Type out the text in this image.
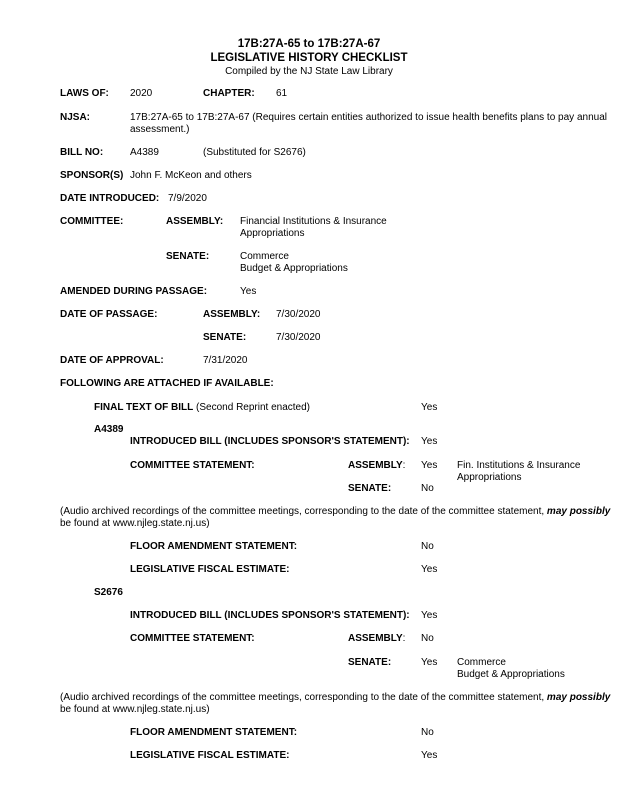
17B:27A-65 to 17B:27A-67
LEGISLATIVE HISTORY CHECKLIST
Compiled by the NJ State Law Library
LAWS OF: 2020	CHAPTER: 61
NJSA:	17B:27A-65 to 17B:27A-67 (Requires certain entities authorized to issue health benefits plans to pay annual
assessment.)
BILL NO:	A4389	(Substituted for S2676)
SPONSOR(S) John F. McKeon and others
DATE INTRODUCED: 7/9/2020
COMMITTEE:	ASSEMBLY: Financial Institutions & Insurance
Appropriations
SENATE:	Commerce
Budget & Appropriations
AMENDED DURING PASSAGE:	Yes
DATE OF PASSAGE:	ASSEMBLY: 7/30/2020
SENATE:	7/30/2020
DATE OF APPROVAL:	7/31/2020
FOLLOWING ARE ATTACHED IF AVAILABLE:
FINAL TEXT OF BILL (Second Reprint enacted)	Yes
A4389
INTRODUCED BILL (INCLUDES SPONSOR'S STATEMENT): Yes
COMMITTEE STATEMENT:	ASSEMBLY: Yes Fin. Institutions & Insurance
Appropriations
SENATE:	No
(Audio archived recordings of the committee meetings, corresponding to the date of the committee statement, may possibly
be found at www.njleg.state.nj.us)
FLOOR AMENDMENT STATEMENT:	No
LEGISLATIVE FISCAL ESTIMATE:	Yes
S2676
INTRODUCED BILL (INCLUDES SPONSOR'S STATEMENT): Yes
COMMITTEE STATEMENT:	ASSEMBLY: No
SENATE:	Yes Commerce
Budget & Appropriations
(Audio archived recordings of the committee meetings, corresponding to the date of the committee statement, may possibly
be found at www.njleg.state.nj.us)
FLOOR AMENDMENT STATEMENT:	No
LEGISLATIVE FISCAL ESTIMATE:	Yes
